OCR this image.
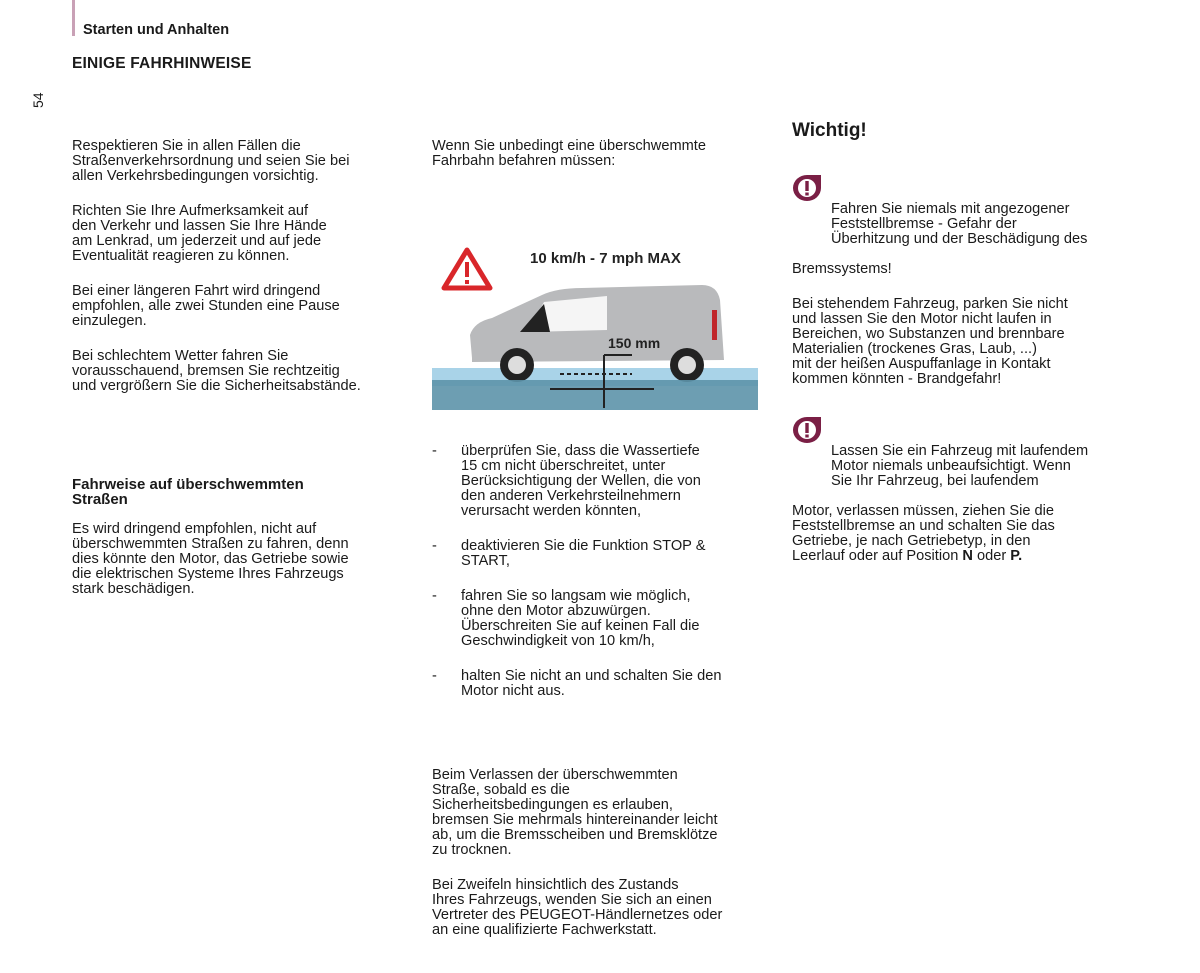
Starten und Anhalten
EINIGE FAHRHINWEISE
54

Respektieren Sie in allen Fällen die
Straßenverkehrsordnung und seien Sie bei
allen Verkehrsbedingungen vorsichtig.

Richten Sie Ihre Aufmerksamkeit auf
den Verkehr und lassen Sie Ihre Hände
am Lenkrad, um jederzeit und auf jede
Eventualität reagieren zu können.

Bei einer längeren Fahrt wird dringend
empfohlen, alle zwei Stunden eine Pause
einzulegen.

Bei schlechtem Wetter fahren Sie
vorausschauend, bremsen Sie rechtzeitig
und vergrößern Sie die Sicherheitsabstände.

Fahrweise auf überschwemmten
Straßen

Es wird dringend empfohlen, nicht auf
überschwemmten Straßen zu fahren, denn
dies könnte den Motor, das Getriebe sowie
die elektrischen Systeme Ihres Fahrzeugs
stark beschädigen.

Wenn Sie unbedingt eine überschwemmte
Fahrbahn befahren müssen:

10 km/h - 7 mph MAX
150 mm

-	überprüfen Sie, dass die Wassertiefe
15 cm nicht überschreitet, unter
Berücksichtigung der Wellen, die von
den anderen Verkehrsteilnehmern
verursacht werden könnten,

-	deaktivieren Sie die Funktion STOP &
START,

-	fahren Sie so langsam wie möglich,
ohne den Motor abzuwürgen.
Überschreiten Sie auf keinen Fall die
Geschwindigkeit von 10 km/h,

-	halten Sie nicht an und schalten Sie den
Motor nicht aus.

Beim Verlassen der überschwemmten
Straße, sobald es die
Sicherheitsbedingungen es erlauben,
bremsen Sie mehrmals hintereinander leicht
ab, um die Bremsscheiben und Bremsklötze
zu trocknen.

Bei Zweifeln hinsichtlich des Zustands
Ihres Fahrzeugs, wenden Sie sich an einen
Vertreter des PEUGEOT-Händlernetzes oder
an eine qualifizierte Fachwerkstatt.

Wichtig!

Fahren Sie niemals mit angezogener
Feststellbremse - Gefahr der
Überhitzung und der Beschädigung des

Bremssystems!

Bei stehendem Fahrzeug, parken Sie nicht
und lassen Sie den Motor nicht laufen in
Bereichen, wo Substanzen und brennbare
Materialien (trockenes Gras, Laub, ...)
mit der heißen Auspuffanlage in Kontakt
kommen könnten - Brandgefahr!

Lassen Sie ein Fahrzeug mit laufendem
Motor niemals unbeaufsichtigt. Wenn
Sie Ihr Fahrzeug, bei laufendem

Motor, verlassen müssen, ziehen Sie die
Feststellbremse an und schalten Sie das
Getriebe, je nach Getriebetyp, in den
Leerlauf oder auf Position N oder P.
